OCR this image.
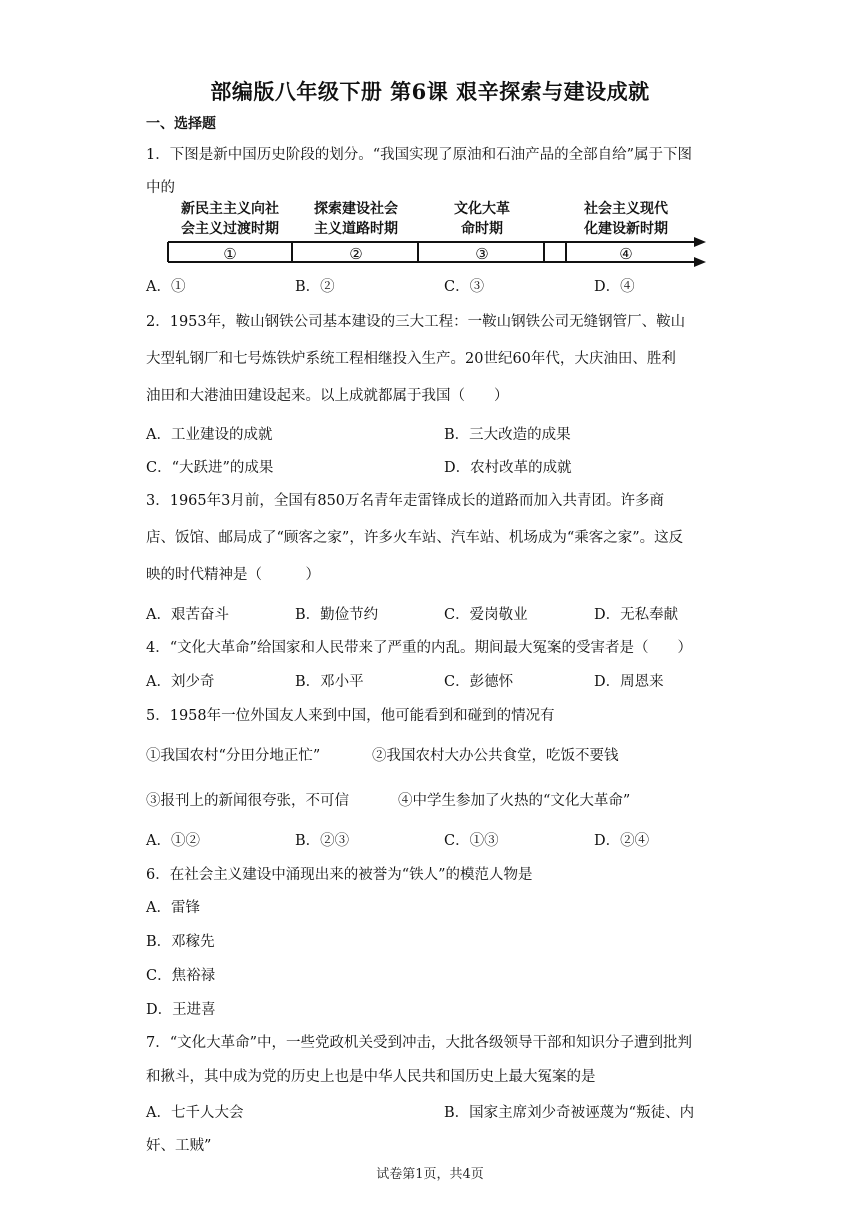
部编版八年级下册 第6课 艰辛探索与建设成就
一、选择题
1．下图是新中国历史阶段的划分。“我国实现了原油和石油产品的全部自给”属于下图
中的
新民主主义向社
会主义过渡时期
探索建设社会
主义道路时期
文化大革
命时期
社会主义现代
化建设新时期
①	②	③	④
A．①	B．②	C．③	D．④
2．1953年，鞍山钢铁公司基本建设的三大工程：一鞍山钢铁公司无缝钢管厂、鞍山
大型轧钢厂和七号炼铁炉系统工程相继投入生产。20世纪60年代，大庆油田、胜利
油田和大港油田建设起来。以上成就都属于我国（　　）
A．工业建设的成就	B．三大改造的成果
C．“大跃进”的成果	D．农村改革的成就
3．1965年3月前，全国有850万名青年走雷锋成长的道路而加入共青团。许多商
店、饭馆、邮局成了“顾客之家”，许多火车站、汽车站、机场成为“乘客之家”。这反
映的时代精神是（　　　）
A．艰苦奋斗	B．勤俭节约	C．爱岗敬业	D．无私奉献
4．“文化大革命”给国家和人民带来了严重的内乱。期间最大冤案的受害者是（　　）
A．刘少奇	B．邓小平	C．彭德怀	D．周恩来
5．1958年一位外国友人来到中国，他可能看到和碰到的情况有
①我国农村“分田分地正忙”	②我国农村大办公共食堂，吃饭不要钱
③报刊上的新闻很夸张，不可信	④中学生参加了火热的“文化大革命”
A．①②	B．②③	C．①③	D．②④
6．在社会主义建设中涌现出来的被誉为“铁人”的模范人物是
A．雷锋
B．邓稼先
C．焦裕禄
D．王进喜
7．“文化大革命”中，一些党政机关受到冲击，大批各级领导干部和知识分子遭到批判
和揪斗，其中成为党的历史上也是中华人民共和国历史上最大冤案的是
A．七千人大会	B．国家主席刘少奇被诬蔑为“叛徒、内
奸、工贼”
试卷第1页，共4页
